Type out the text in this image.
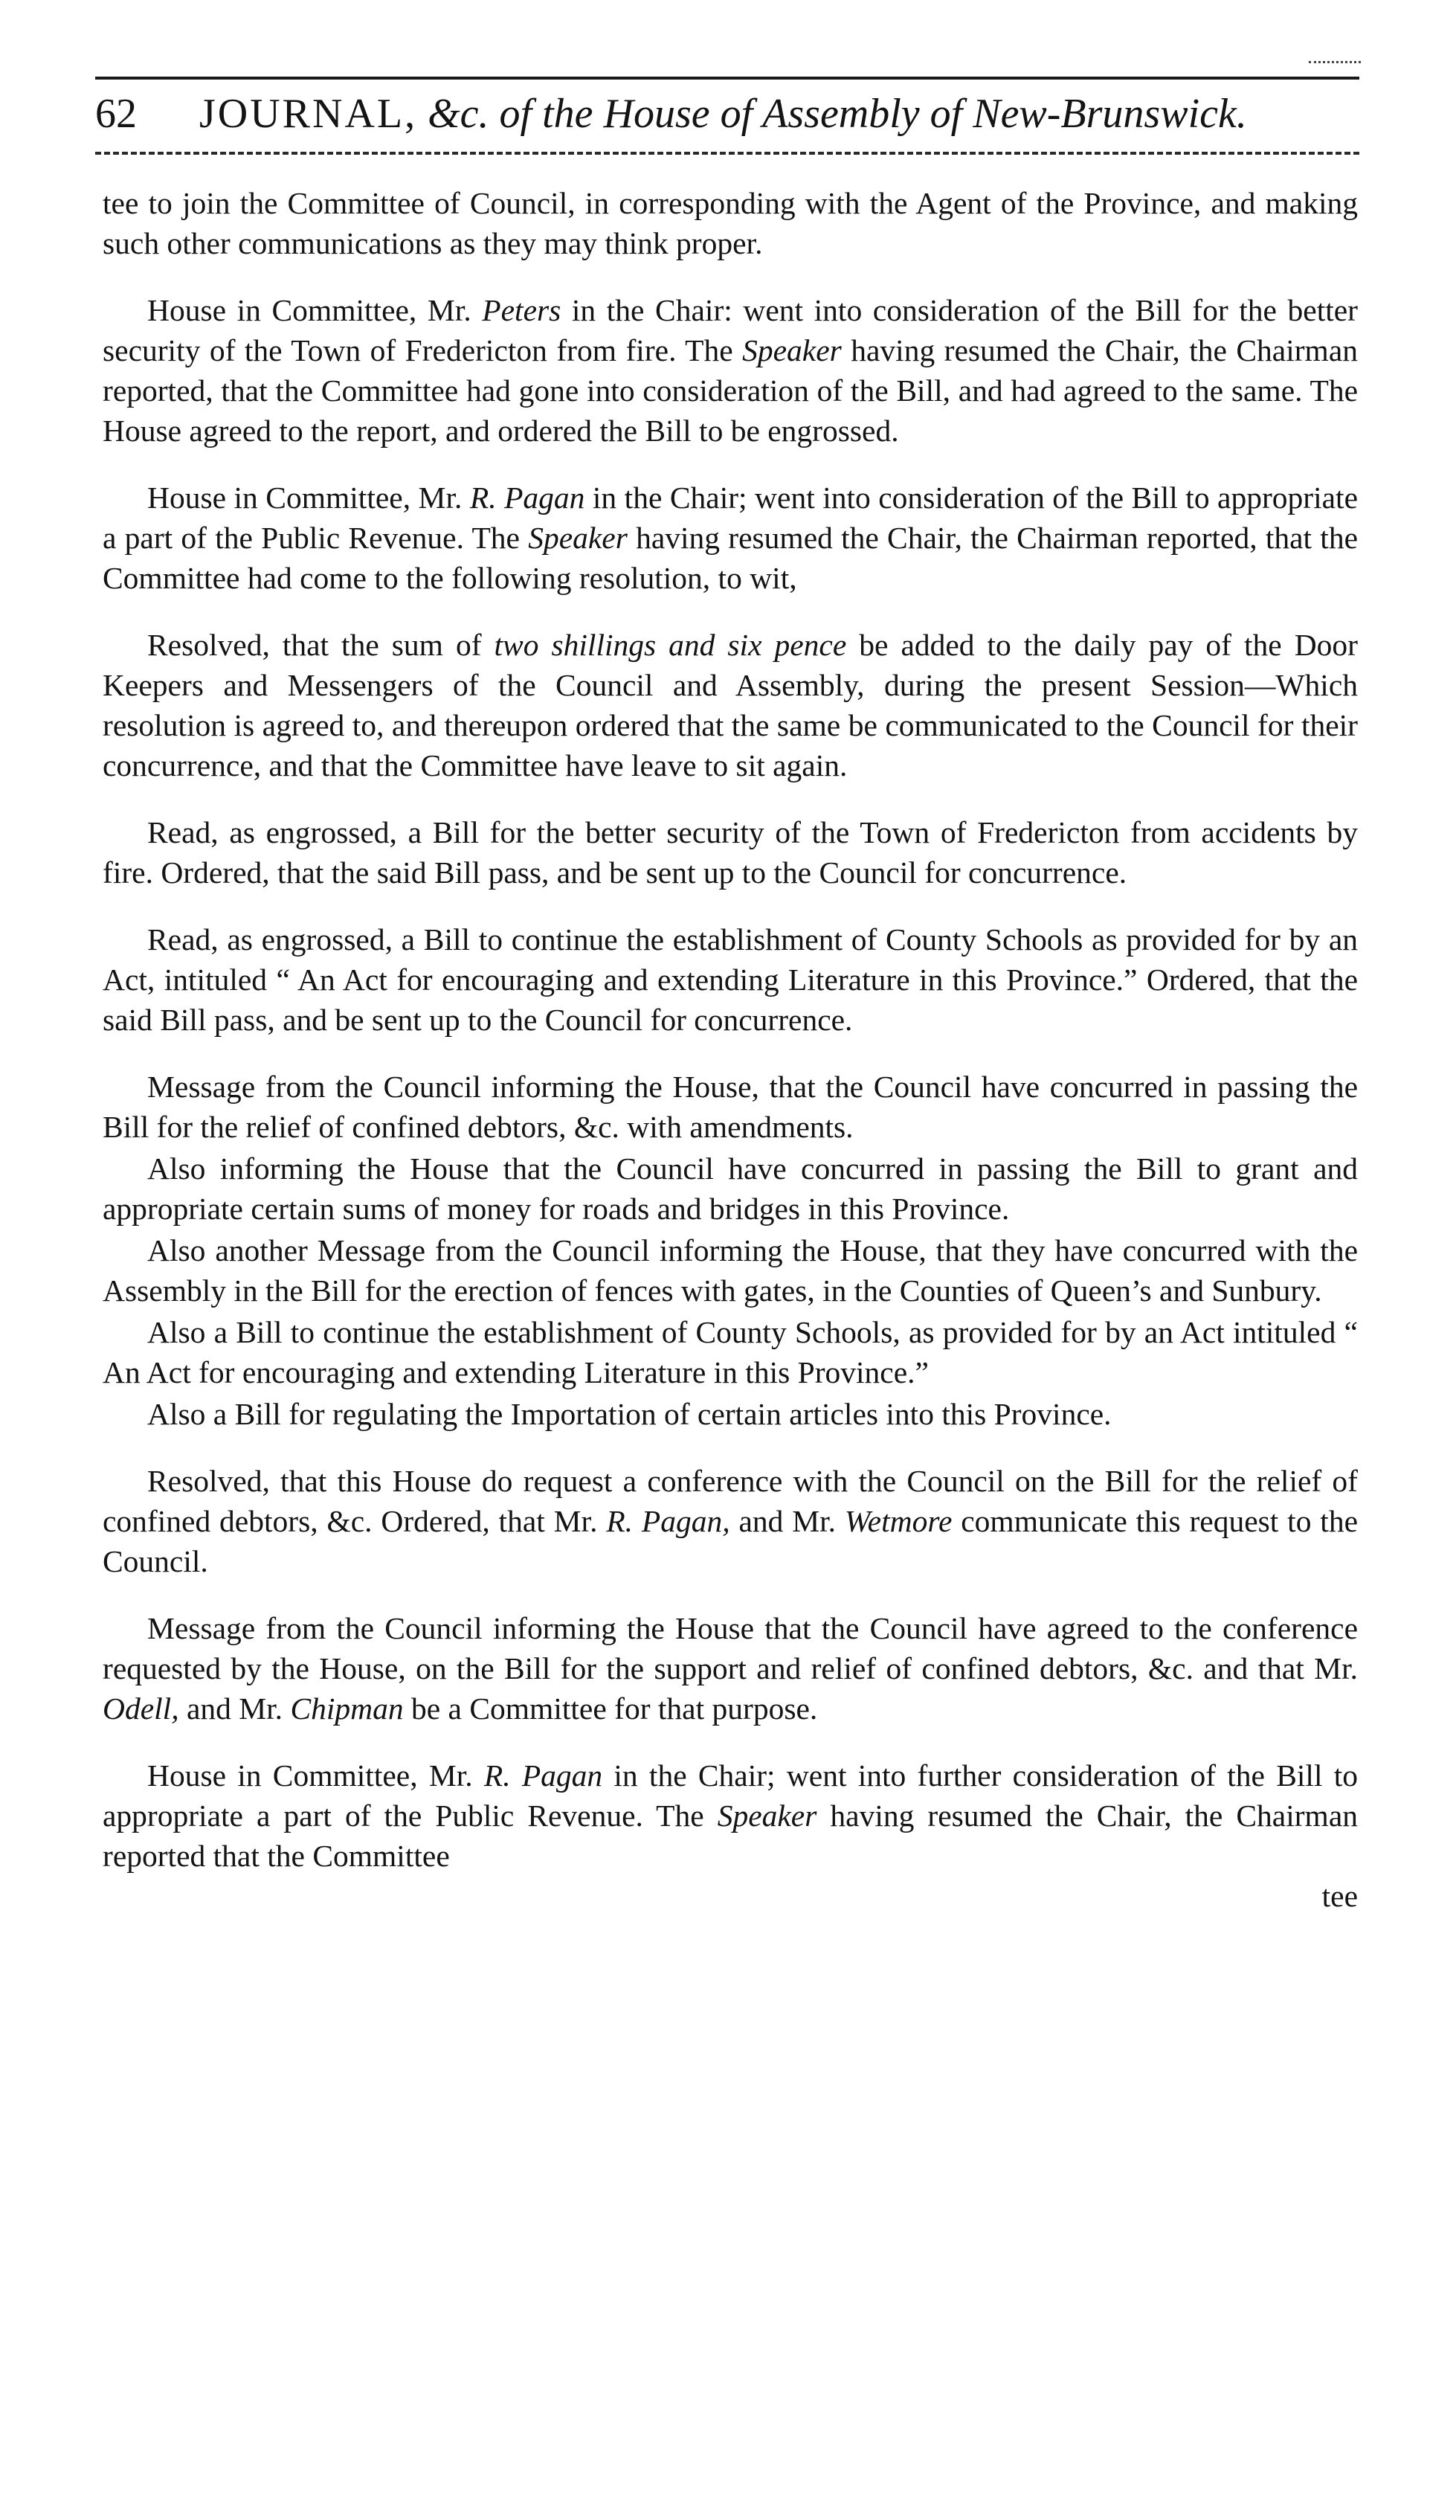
62 JOURNAL, &c. of the House of Assembly of New-Brunswick.

tee to join the Committee of Council, in corresponding with the Agent of the Province, and making such other communications as they may think proper.

House in Committee, Mr. Peters in the Chair: went into consideration of the Bill for the better security of the Town of Fredericton from fire. The Speaker having resumed the Chair, the Chairman reported, that the Committee had gone into consideration of the Bill, and had agreed to the same. The House agreed to the report, and ordered the Bill to be engrossed.

House in Committee, Mr. R. Pagan in the Chair; went into consideration of the Bill to appropriate a part of the Public Revenue. The Speaker having resumed the Chair, the Chairman reported, that the Committee had come to the following resolution, to wit,

Resolved, that the sum of two shillings and six pence be added to the daily pay of the Door Keepers and Messengers of the Council and Assembly, during the present Session—Which resolution is agreed to, and thereupon ordered that the same be communicated to the Council for their concurrence, and that the Committee have leave to sit again.

Read, as engrossed, a Bill for the better security of the Town of Fredericton from accidents by fire. Ordered, that the said Bill pass, and be sent up to the Council for concurrence.

Read, as engrossed, a Bill to continue the establishment of County Schools as provided for by an Act, intituled “ An Act for encouraging and extending Literature in this Province.” Ordered, that the said Bill pass, and be sent up to the Council for concurrence.

Message from the Council informing the House, that the Council have concurred in passing the Bill for the relief of confined debtors, &c. with amendments.

Also informing the House that the Council have concurred in passing the Bill to grant and appropriate certain sums of money for roads and bridges in this Province.

Also another Message from the Council informing the House, that they have concurred with the Assembly in the Bill for the erection of fences with gates, in the Counties of Queen’s and Sunbury.

Also a Bill to continue the establishment of County Schools, as provided for by an Act intituled “ An Act for encouraging and extending Literature in this Province.”

Also a Bill for regulating the Importation of certain articles into this Province.

Resolved, that this House do request a conference with the Council on the Bill for the relief of confined debtors, &c. Ordered, that Mr. R. Pagan, and Mr. Wetmore communicate this request to the Council.

Message from the Council informing the House that the Council have agreed to the conference requested by the House, on the Bill for the support and relief of confined debtors, &c. and that Mr. Odell, and Mr. Chipman be a Committee for that purpose.

House in Committee, Mr. R. Pagan in the Chair; went into further consideration of the Bill to appropriate a part of the Public Revenue. The Speaker having resumed the Chair, the Chairman reported that the Committee

tee
